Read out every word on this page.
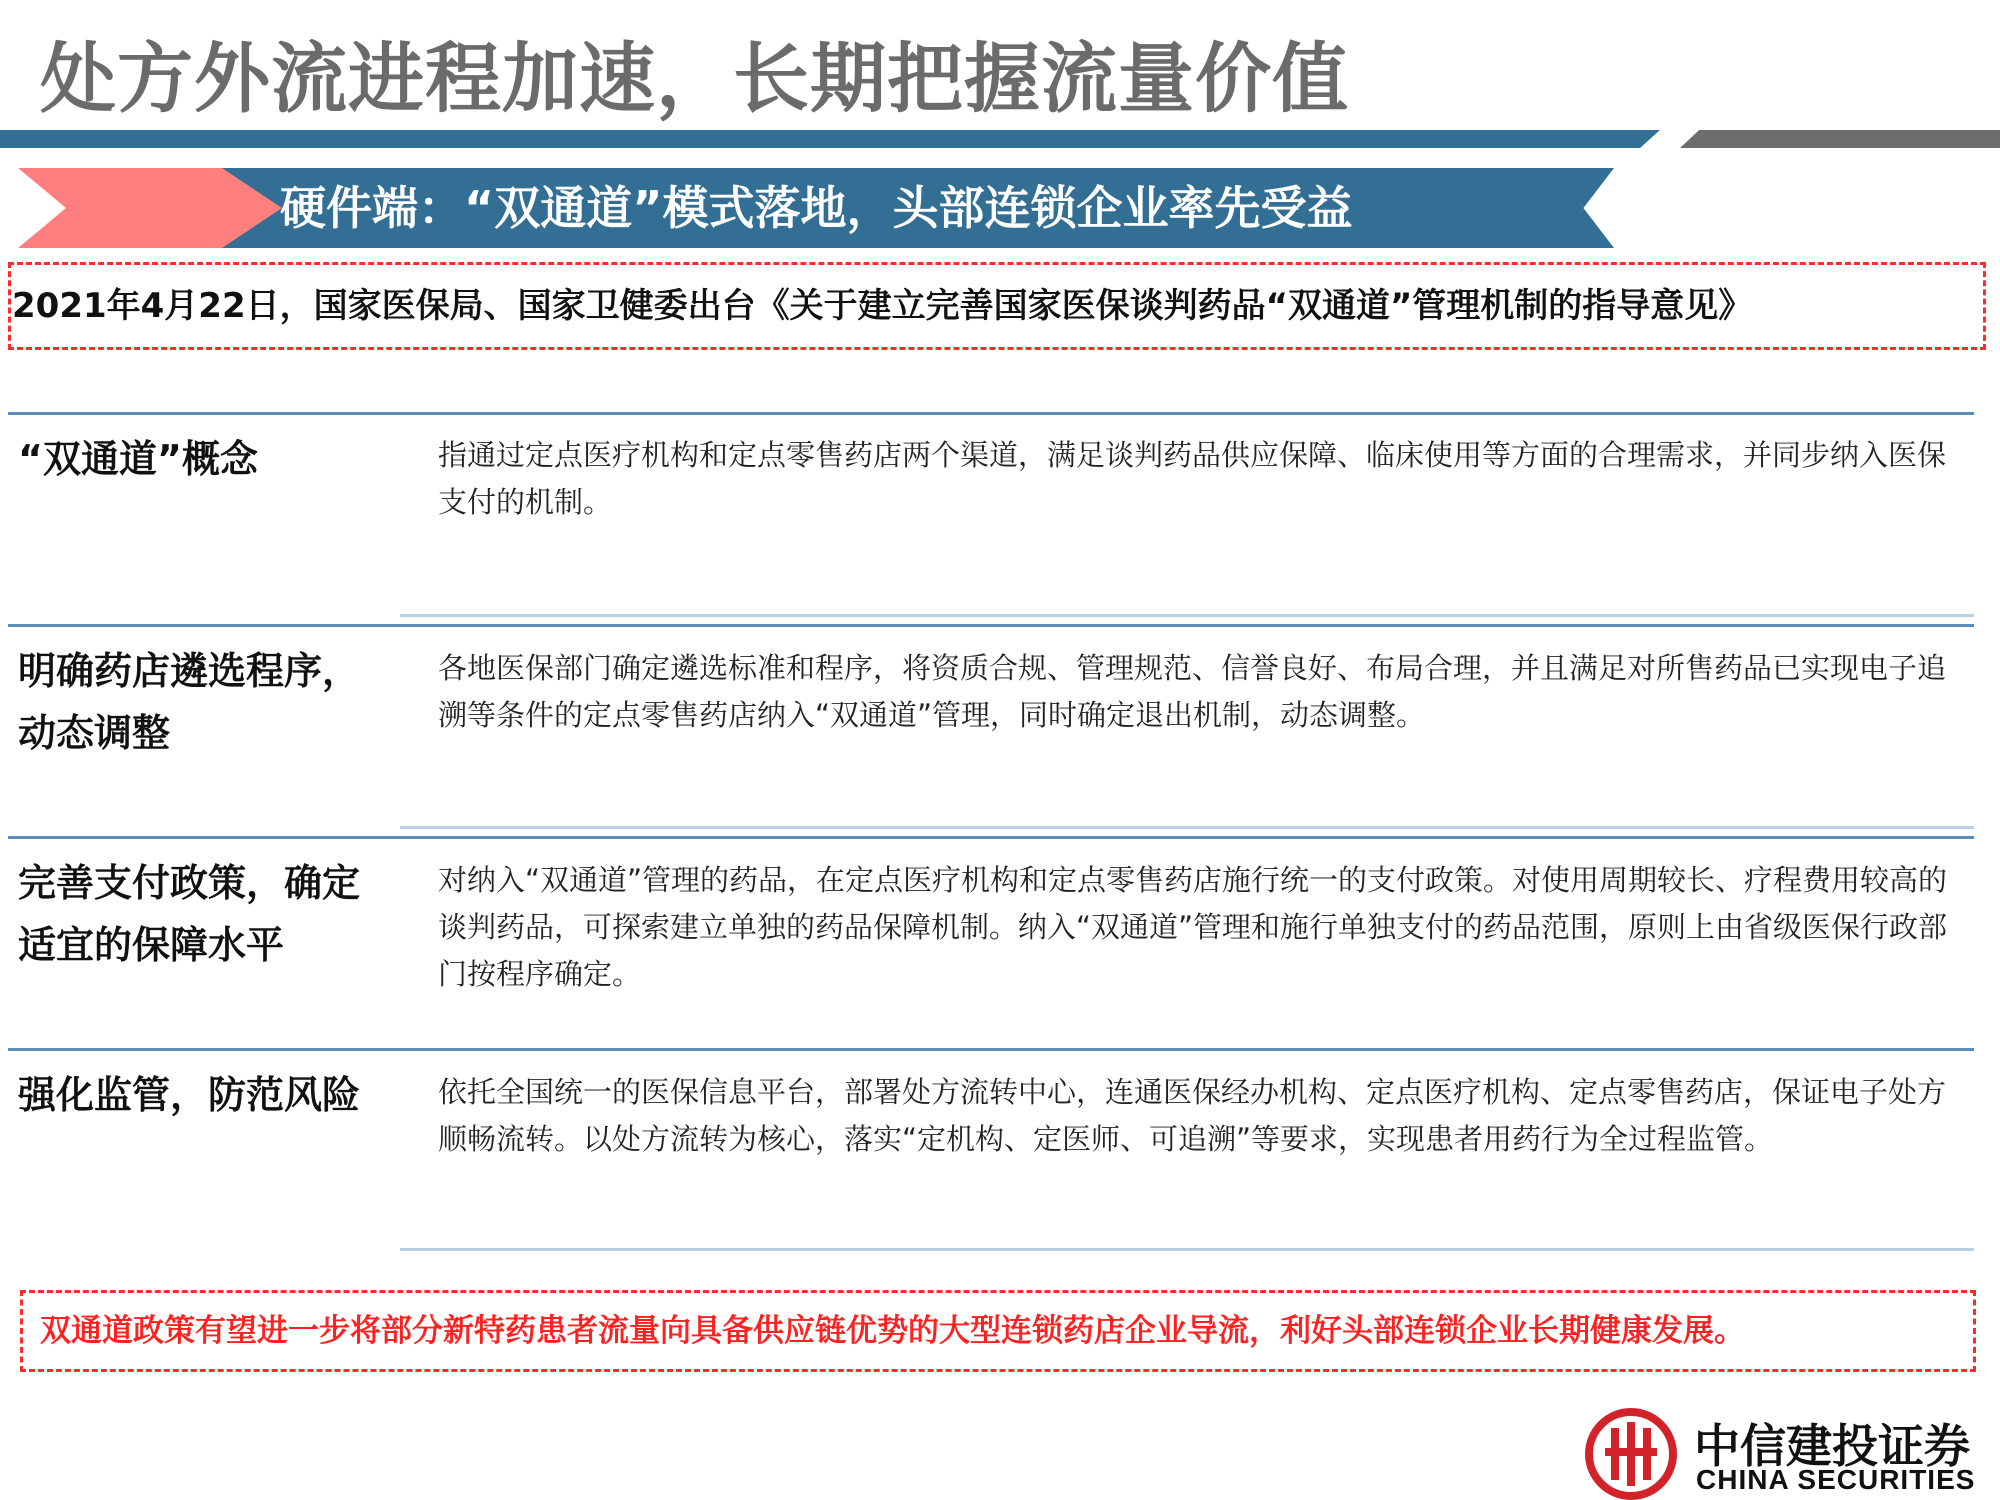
处方外流进程加速，长期把握流量价值
硬件端：“双通道”模式落地，头部连锁企业率先受益
2021年4月22日，国家医保局、国家卫健委出台《关于建立完善国家医保谈判药品“双通道”管理机制的指导意见》
“双通道”概念	指通过定点医疗机构和定点零售药店两个渠道，满足谈判药品供应保障、临床使用等方面的合理需求，并同步纳入医保支付的机制。
明确药店遴选程序，动态调整
各地医保部门确定遴选标准和程序，将资质合规、管理规范、信誉良好、布局合理，并且满足对所售药品已实现电子追溯等条件的定点零售药店纳入“双通道”管理，同时确定退出机制，动态调整。
完善支付政策，确定适宜的保障水平
对纳入“双通道”管理的药品，在定点医疗机构和定点零售药店施行统一的支付政策。对使用周期较长、疗程费用较高的谈判药品，可探索建立单独的药品保障机制。纳入“双通道”管理和施行单独支付的药品范围，原则上由省级医保行政部门按程序确定。
强化监管，防范风险	依托全国统一的医保信息平台，部署处方流转中心，连通医保经办机构、定点医疗机构、定点零售药店，保证电子处方顺畅流转。以处方流转为核心，落实“定机构、定医师、可追溯”等要求，实现患者用药行为全过程监管。
双通道政策有望进一步将部分新特药患者流量向具备供应链优势的大型连锁药店企业导流，利好头部连锁企业长期健康发展。
中信建投证券
CHINA SECURITIES
